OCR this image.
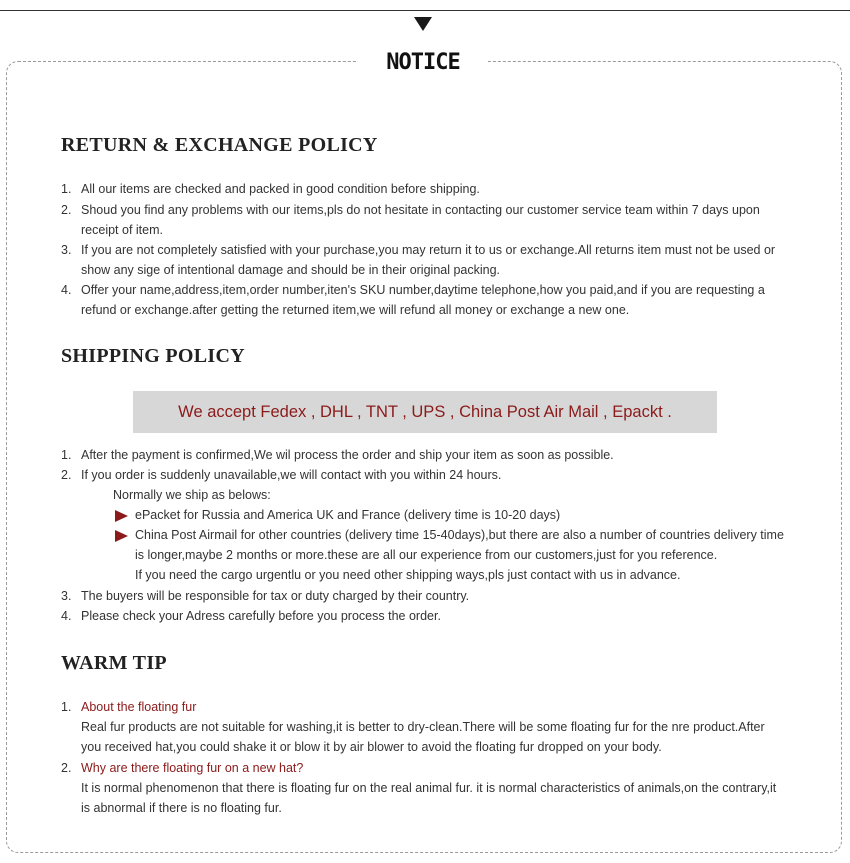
NOTICE
RETURN & EXCHANGE POLICY
1. All our items are checked and packed in good condition before shipping.
2. Shoud you find any problems with our items,pls do not hesitate in contacting our customer service team within 7 days upon
receipt of item.
3. If you are not completely satisfied with your purchase,you may return it to us or exchange.All returns item must not be used or
show any sige of intentional damage and should be in their original packing.
4. Offer your name,address,item,order number,iten's SKU number,daytime telephone,how you paid,and if you are requesting a
refund or exchange.after getting the returned item,we will refund all money or exchange a new one.
SHIPPING POLICY
We accept Fedex , DHL , TNT , UPS , China Post Air Mail , Epackt .
1. After the payment is confirmed,We wil process the order and ship your item as soon as possible.
2. If you order is suddenly unavailable,we will contact with you within 24 hours.
Normally we ship as belows:
ePacket for Russia and America UK and France (delivery time is 10-20 days)
China Post Airmail for other countries (delivery time 15-40days),but there are also a number of countries delivery time
is longer,maybe 2 months or more.these are all our experience from our customers,just for you reference.
If you need the cargo urgentlu or you need other shipping ways,pls just contact with us in advance.
3. The buyers will be responsible for tax or duty charged by their country.
4. Please check your Adress carefully before you process the order.
WARM TIP
1. About the floating fur
Real fur products are not suitable for washing,it is better to dry-clean.There will be some floating fur for the nre product.After
you received hat,you could shake it or blow it by air blower to avoid the floating fur dropped on your body.
2. Why are there floating fur on a new hat?
It is normal phenomenon that there is floating fur on the real animal fur. it is normal characteristics of animals,on the contrary,it
is abnormal if there is no floating fur.
